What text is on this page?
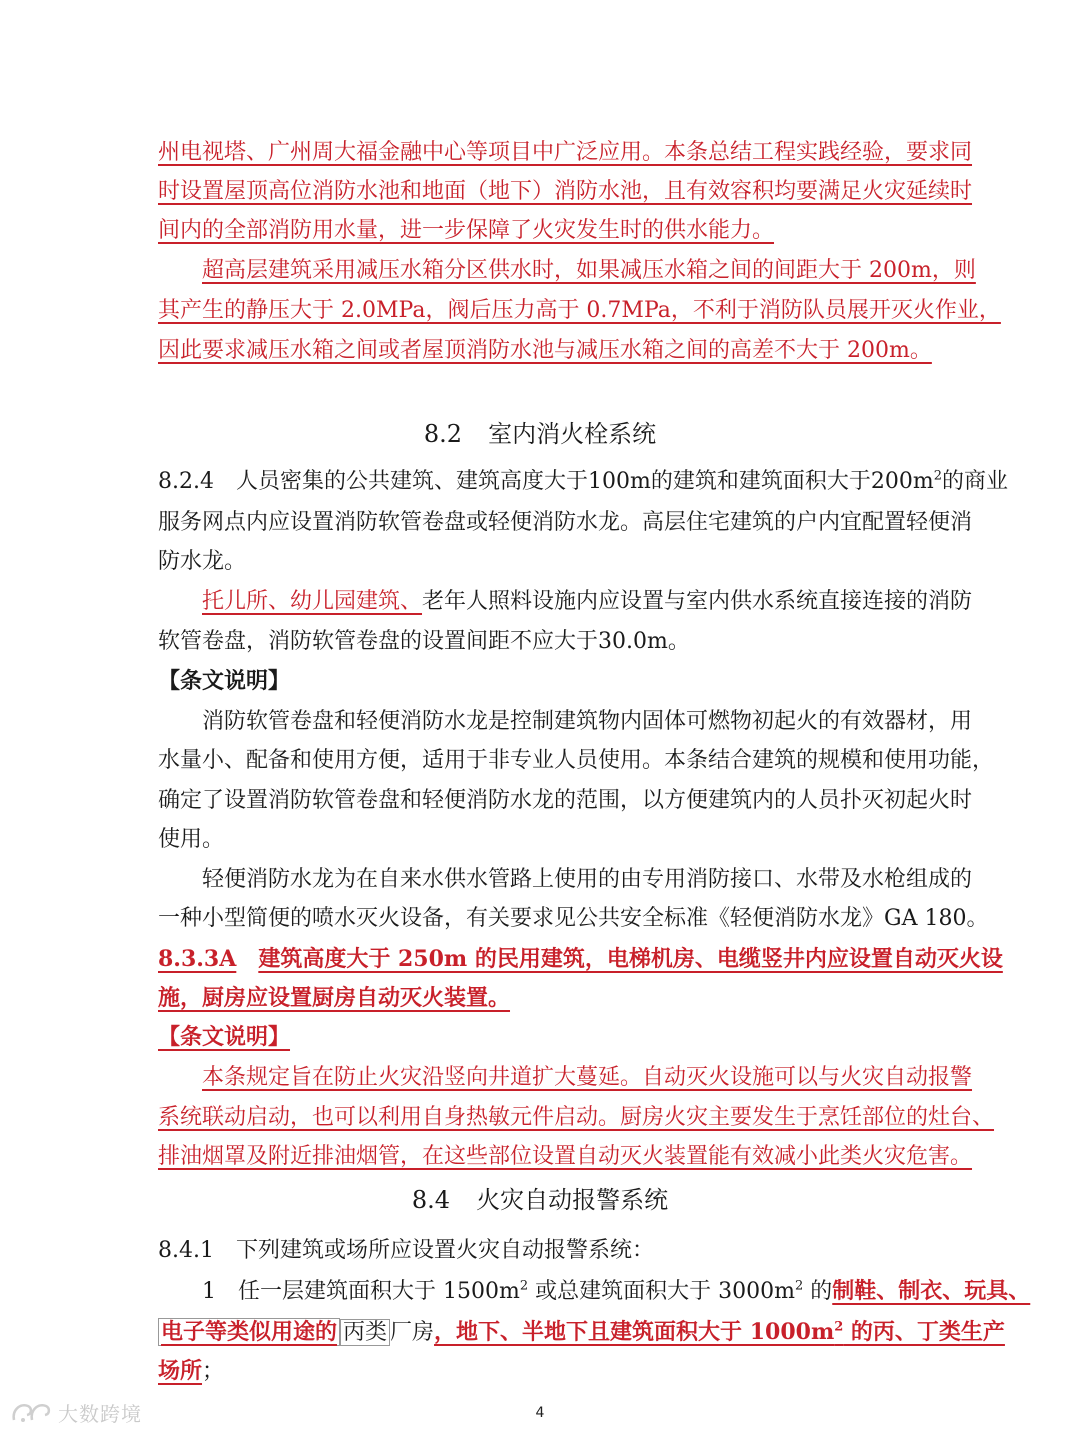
州电视塔、广州周大福金融中心等项目中广泛应用。本条总结工程实践经验，要求同
时设置屋顶高位消防水池和地面（地下）消防水池，且有效容积均要满足火灾延续时
间内的全部消防用水量，进一步保障了火灾发生时的供水能力。
超高层建筑采用减压水箱分区供水时，如果减压水箱之间的间距大于 200m，则
其产生的静压大于 2.0MPa，阀后压力高于 0.7MPa，不利于消防队员展开灭火作业，
因此要求减压水箱之间或者屋顶消防水池与减压水箱之间的高差不大于 200m。
8.2 室内消火栓系统
8.2.4 人员密集的公共建筑、建筑高度大于100m的建筑和建筑面积大于$200m^2$的商业
服务网点内应设置消防软管卷盘或轻便消防水龙。高层住宅建筑的户内宜配置轻便消
防水龙。
托儿所、幼儿园建筑、老年人照料设施内应设置与室内供水系统直接连接的消防
软管卷盘，消防软管卷盘的设置间距不应大于30.0m。
【条文说明】
消防软管卷盘和轻便消防水龙是控制建筑物内固体可燃物初起火的有效器材，用
水量小、配备和使用方便，适用于非专业人员使用。本条结合建筑的规模和使用功能，
确定了设置消防软管卷盘和轻便消防水龙的范围，以方便建筑内的人员扑灭初起火时
使用。
轻便消防水龙为在自来水供水管路上使用的由专用消防接口、水带及水枪组成的
一种小型简便的喷水灭火设备，有关要求见公共安全标准《轻便消防水龙》GA 180。
8.3.3A 建筑高度大于 250m 的民用建筑，电梯机房、电缆竖井内应设置自动灭火设
施，厨房应设置厨房自动灭火装置。
【条文说明】
本条规定旨在防止火灾沿竖向井道扩大蔓延。自动灭火设施可以与火灾自动报警
系统联动启动，也可以利用自身热敏元件启动。厨房火灾主要发生于烹饪部位的灶台、
排油烟罩及附近排油烟管，在这些部位设置自动灭火装置能有效减小此类火灾危害。
8.4 火灾自动报警系统
8.4.1 下列建筑或场所应设置火灾自动报警系统：
1 任一层建筑面积大于 $1500m^2$ 或总建筑面积大于 $3000m^2$ 的制鞋、制衣、玩具、
电子等类似用途的 丙类 厂房，地下、半地下且建筑面积大于 $1000m^2$ 的丙、丁类生产
场所；
大数跨境	4
